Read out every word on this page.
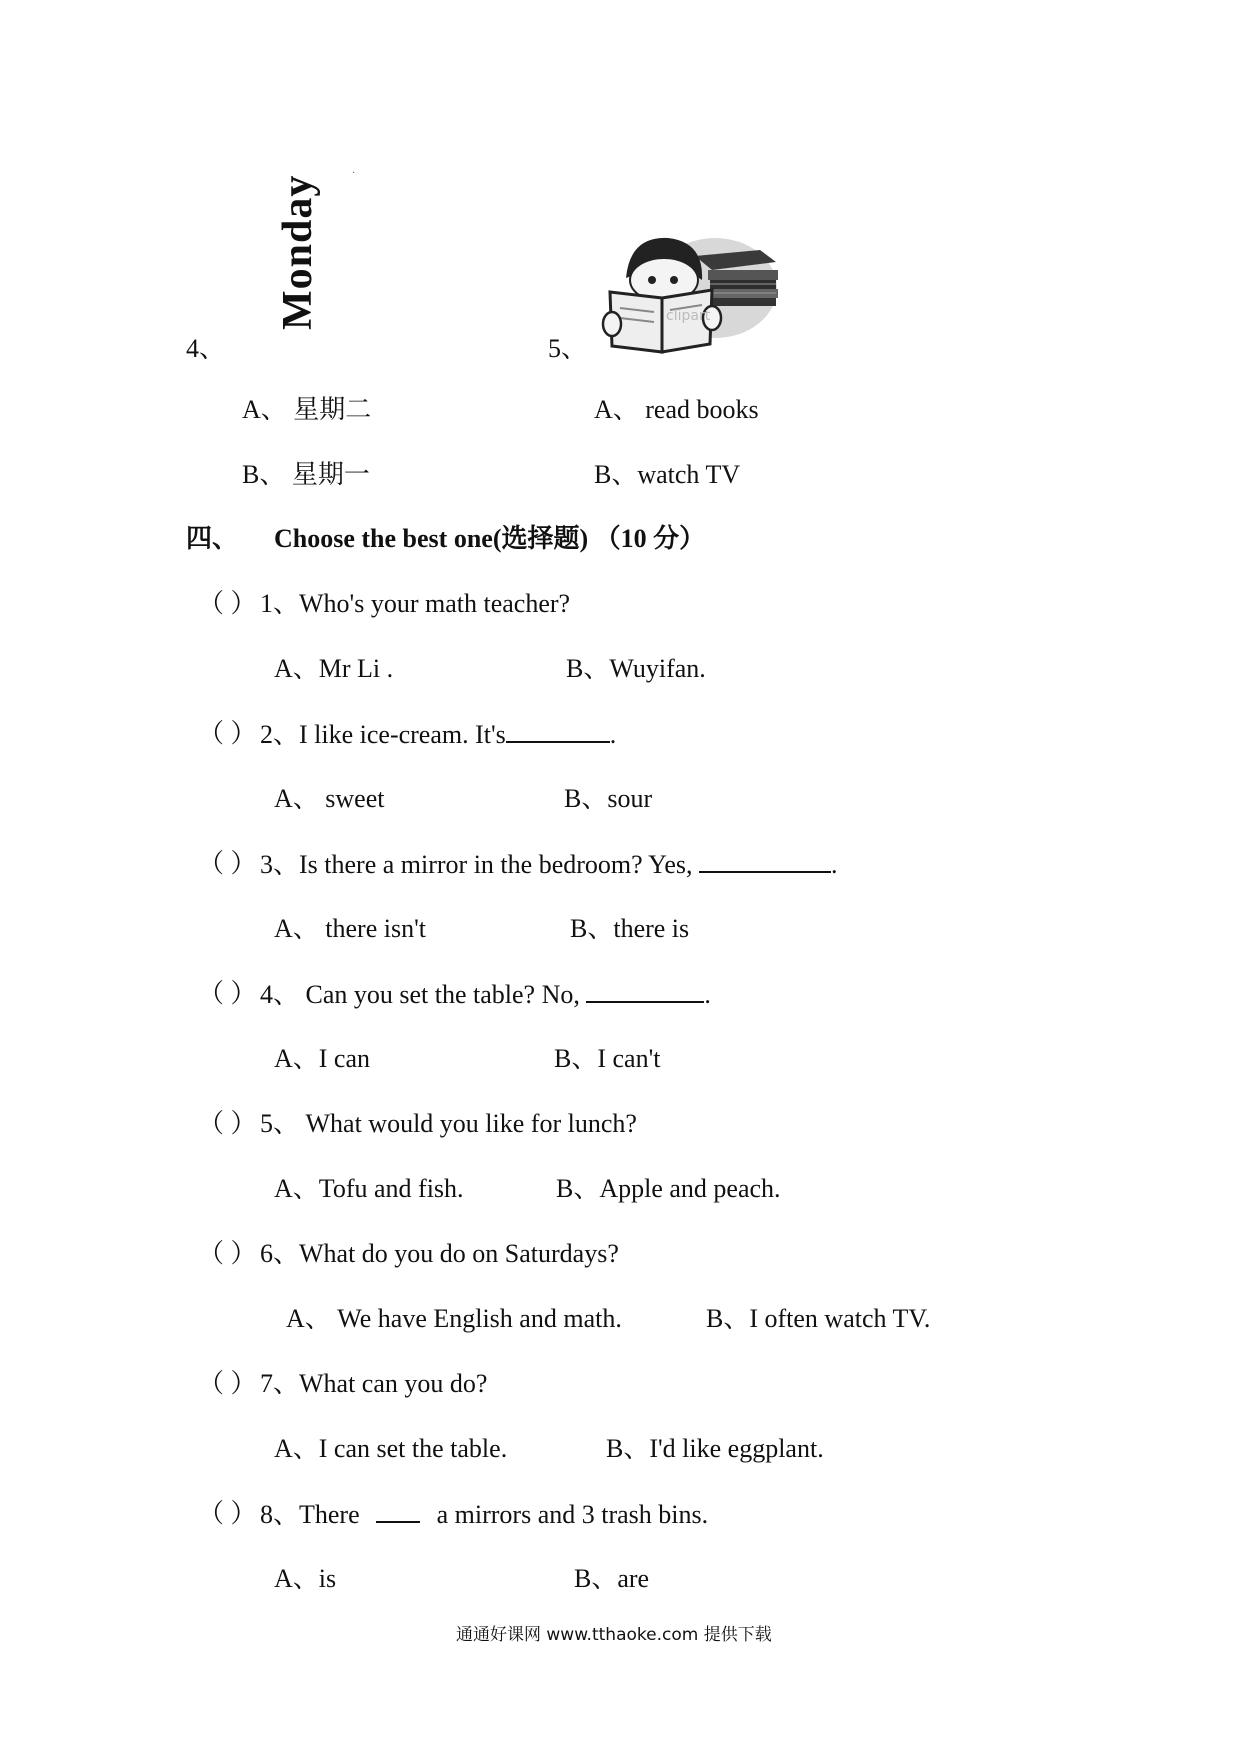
Monday
·
clipart
4、	5、
A、 星期二	A、 read books
B、 星期一	B、watch TV
四、 Choose the best one(选择题) （10 分）
（ ） 1、Who's your math teacher?
A、Mr Li .	B、Wuyifan.
（ ） 2、I like ice-cream. It's	.
A、 sweet	B、sour
（ ） 3、Is there a mirror in the bedroom? Yes,	.
A、 there isn't	B、there is
（ ） 4、 Can you set the table? No,	.
A、I can	B、I can't
（ ） 5、 What would you like for lunch?
A、Tofu and fish.	B、Apple and peach.
（ ） 6、What do you do on Saturdays?
A、 We have English and math.	B、I often watch TV.
（ ） 7、What can you do?
A、I can set the table.	B、I'd like eggplant.
（ ） 8、There	a mirrors and 3 trash bins.
A、is	B、are
通通好课网 www.tthaoke.com 提供下载
